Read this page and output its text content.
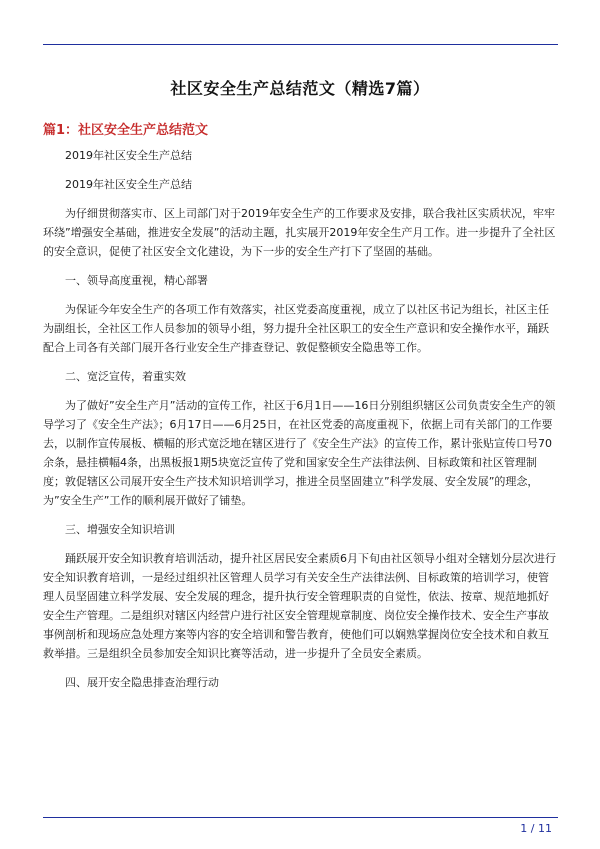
社区安全生产总结范文（精选7篇）
篇1：社区安全生产总结范文

2019年社区安全生产总结

2019年社区安全生产总结

为仔细贯彻落实市、区上司部门对于2019年安全生产的工作要求及安排，联合我社区实质状况，牢牢环绕”增强安全基础，推进安全发展”的活动主题，扎实展开2019年安全生产月工作。进一步提升了全社区的安全意识，促使了社区安全文化建设，为下一步的安全生产打下了坚固的基础。

一、领导高度重视，精心部署

为保证今年安全生产的各项工作有效落实，社区党委高度重视，成立了以社区书记为组长，社区主任为副组长，全社区工作人员参加的领导小组，努力提升全社区职工的安全生产意识和安全操作水平，踊跃配合上司各有关部门展开各行业安全生产排查登记、敦促整顿安全隐患等工作。

二、宽泛宣传，着重实效

为了做好”安全生产月”活动的宣传工作，社区于6月1日——16日分别组织辖区公司负责安全生产的领导学习了《安全生产法》；6月17日——6月25日，在社区党委的高度重视下，依据上司有关部门的工作要去，以制作宣传展板、横幅的形式宽泛地在辖区进行了《安全生产法》的宣传工作，累计张贴宣传口号70余条，悬挂横幅4条，出黑板报1期5块宽泛宣传了党和国家安全生产法律法例、目标政策和社区管理制度；敦促辖区公司展开安全生产技术知识培训学习，推进全员坚固建立”科学发展、安全发展”的理念，为”安全生产”工作的顺利展开做好了铺垫。

三、增强安全知识培训

踊跃展开安全知识教育培训活动，提升社区居民安全素质6月下旬由社区领导小组对全辖划分层次进行安全知识教育培训，一是经过组织社区管理人员学习有关安全生产法律法例、目标政策的培训学习，使管理人员坚固建立科学发展、安全发展的理念，提升执行安全管理职责的自觉性，依法、按章、规范地抓好安全生产管理。二是组织对辖区内经营户进行社区安全管理规章制度、岗位安全操作技术、安全生产事故事例剖析和现场应急处理方案等内容的安全培训和警告教育，使他们可以娴熟掌握岗位安全技术和自救互救举措。三是组织全员参加安全知识比赛等活动，进一步提升了全员安全素质。

四、展开安全隐患排查治理行动

1 / 11
